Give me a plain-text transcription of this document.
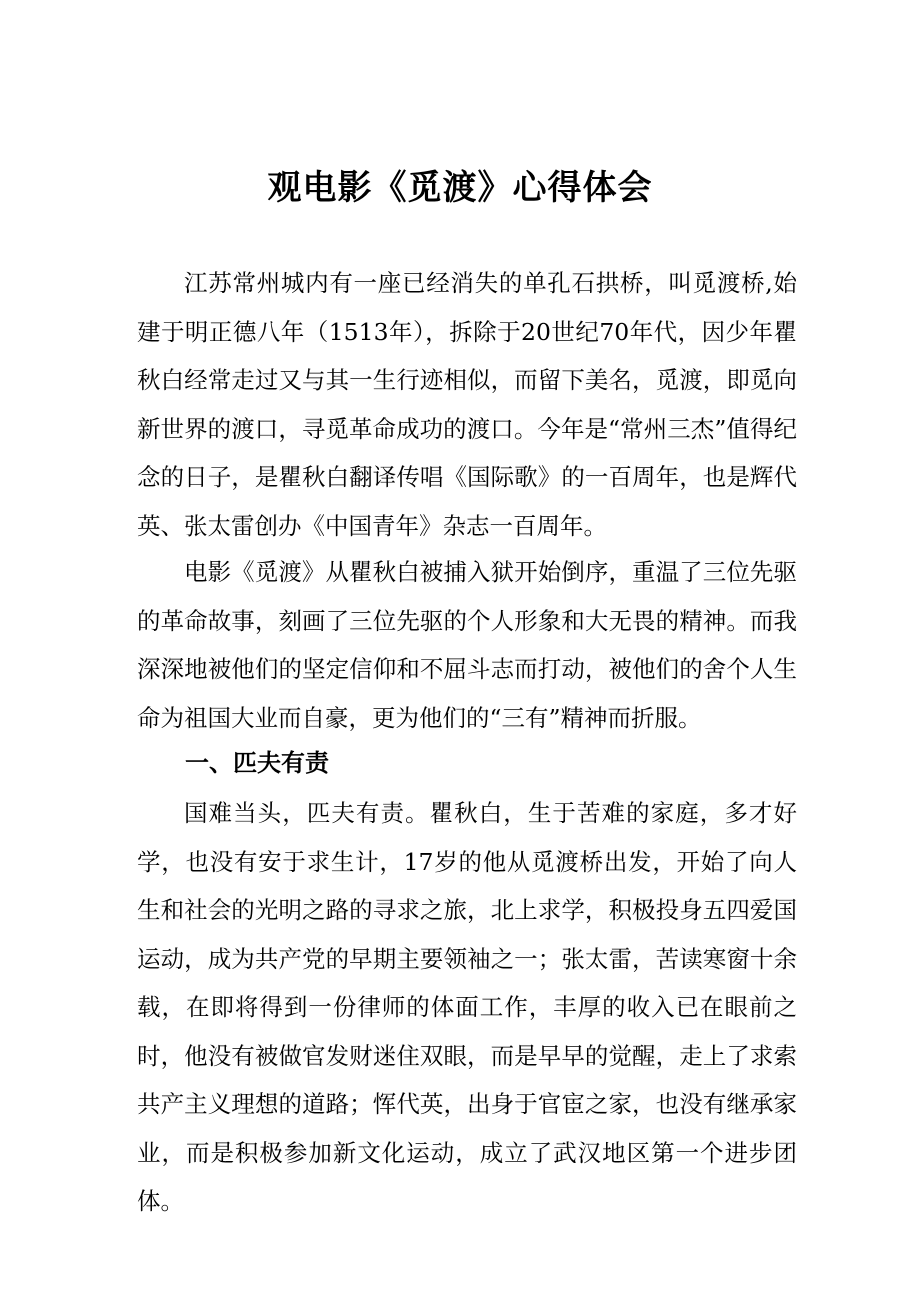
观电影《觅渡》心得体会

江苏常州城内有一座已经消失的单孔石拱桥，叫觅渡桥,始建于明正德八年（1513年），拆除于20世纪70年代，因少年瞿秋白经常走过又与其一生行迹相似，而留下美名，觅渡，即觅向新世界的渡口，寻觅革命成功的渡口。今年是“常州三杰”值得纪念的日子，是瞿秋白翻译传唱《国际歌》的一百周年，也是辉代英、张太雷创办《中国青年》杂志一百周年。

电影《觅渡》从瞿秋白被捕入狱开始倒序，重温了三位先驱的革命故事，刻画了三位先驱的个人形象和大无畏的精神。而我深深地被他们的坚定信仰和不屈斗志而打动，被他们的舍个人生命为祖国大业而自豪，更为他们的“三有”精神而折服。

一、匹夫有责

国难当头，匹夫有责。瞿秋白，生于苦难的家庭，多才好学，也没有安于求生计，17岁的他从觅渡桥出发，开始了向人生和社会的光明之路的寻求之旅，北上求学，积极投身五四爱国运动，成为共产党的早期主要领袖之一；张太雷，苦读寒窗十余载，在即将得到一份律师的体面工作，丰厚的收入已在眼前之时，他没有被做官发财迷住双眼，而是早早的觉醒，走上了求索共产主义理想的道路；恽代英，出身于官宦之家，也没有继承家业，而是积极参加新文化运动，成立了武汉地区第一个进步团体。
